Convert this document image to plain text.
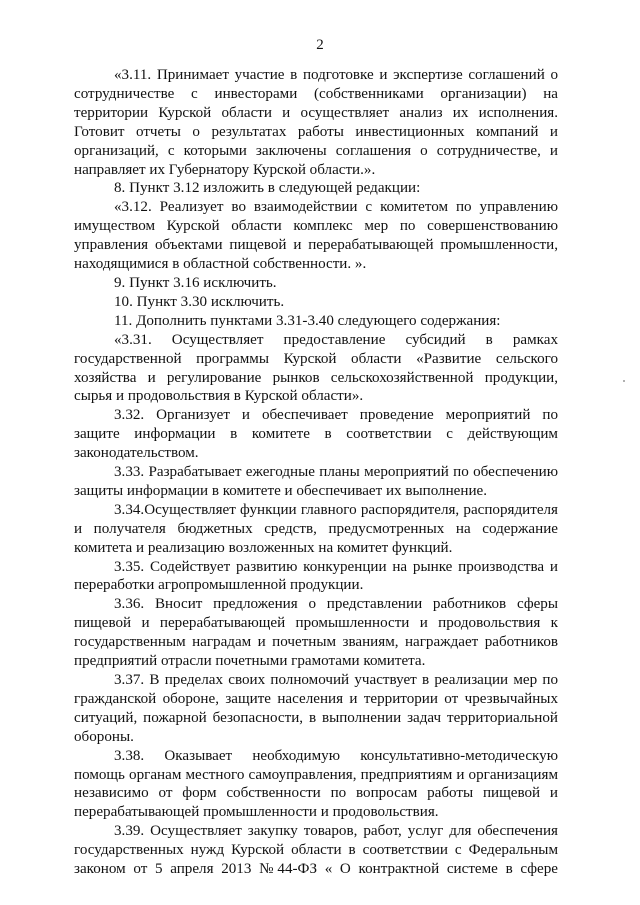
2

«3.11. Принимает участие в подготовке и экспертизе соглашений о сотрудничестве с инвесторами (собственниками организации) на территории Курской области и осуществляет анализ их исполнения. Готовит отчеты о результатах работы инвестиционных компаний и организаций, с которыми заключены соглашения о сотрудничестве, и направляет их Губернатору Курской области.».

8. Пункт 3.12 изложить в следующей редакции:

«3.12. Реализует во взаимодействии с комитетом по управлению имуществом Курской области комплекс мер по совершенствованию управления объектами пищевой и перерабатывающей промышленности, находящимися в областной собственности. ».

9. Пункт 3.16 исключить.

10. Пункт 3.30 исключить.

11. Дополнить пунктами 3.31-3.40 следующего содержания:

«3.31. Осуществляет предоставление субсидий в рамках государственной программы Курской области «Развитие сельского хозяйства и регулирование рынков сельскохозяйственной продукции, сырья и продовольствия в Курской области».

3.32. Организует и обеспечивает проведение мероприятий по защите информации в комитете в соответствии с действующим законодательством.

3.33. Разрабатывает ежегодные планы мероприятий по обеспечению защиты информации в комитете и обеспечивает их выполнение.

3.34.Осуществляет функции главного распорядителя, распорядителя и получателя бюджетных средств, предусмотренных на содержание комитета и реализацию возложенных на комитет функций.

3.35. Содействует развитию конкуренции на рынке производства и переработки агропромышленной продукции.

3.36. Вносит предложения о представлении работников сферы пищевой и перерабатывающей промышленности и продовольствия к государственным наградам и почетным званиям, награждает работников предприятий отрасли почетными грамотами комитета.

3.37. В пределах своих полномочий участвует в реализации мер по гражданской обороне, защите населения и территории от чрезвычайных ситуаций, пожарной безопасности, в выполнении задач территориальной обороны.

3.38. Оказывает необходимую консультативно-методическую помощь органам местного самоуправления, предприятиям и организациям независимо от форм собственности по вопросам работы пищевой и перерабатывающей промышленности и продовольствия.

3.39. Осуществляет закупку товаров, работ, услуг для обеспечения государственных нужд Курской области в соответствии с Федеральным законом от 5 апреля 2013 №44-ФЗ « О контрактной системе в сфере
